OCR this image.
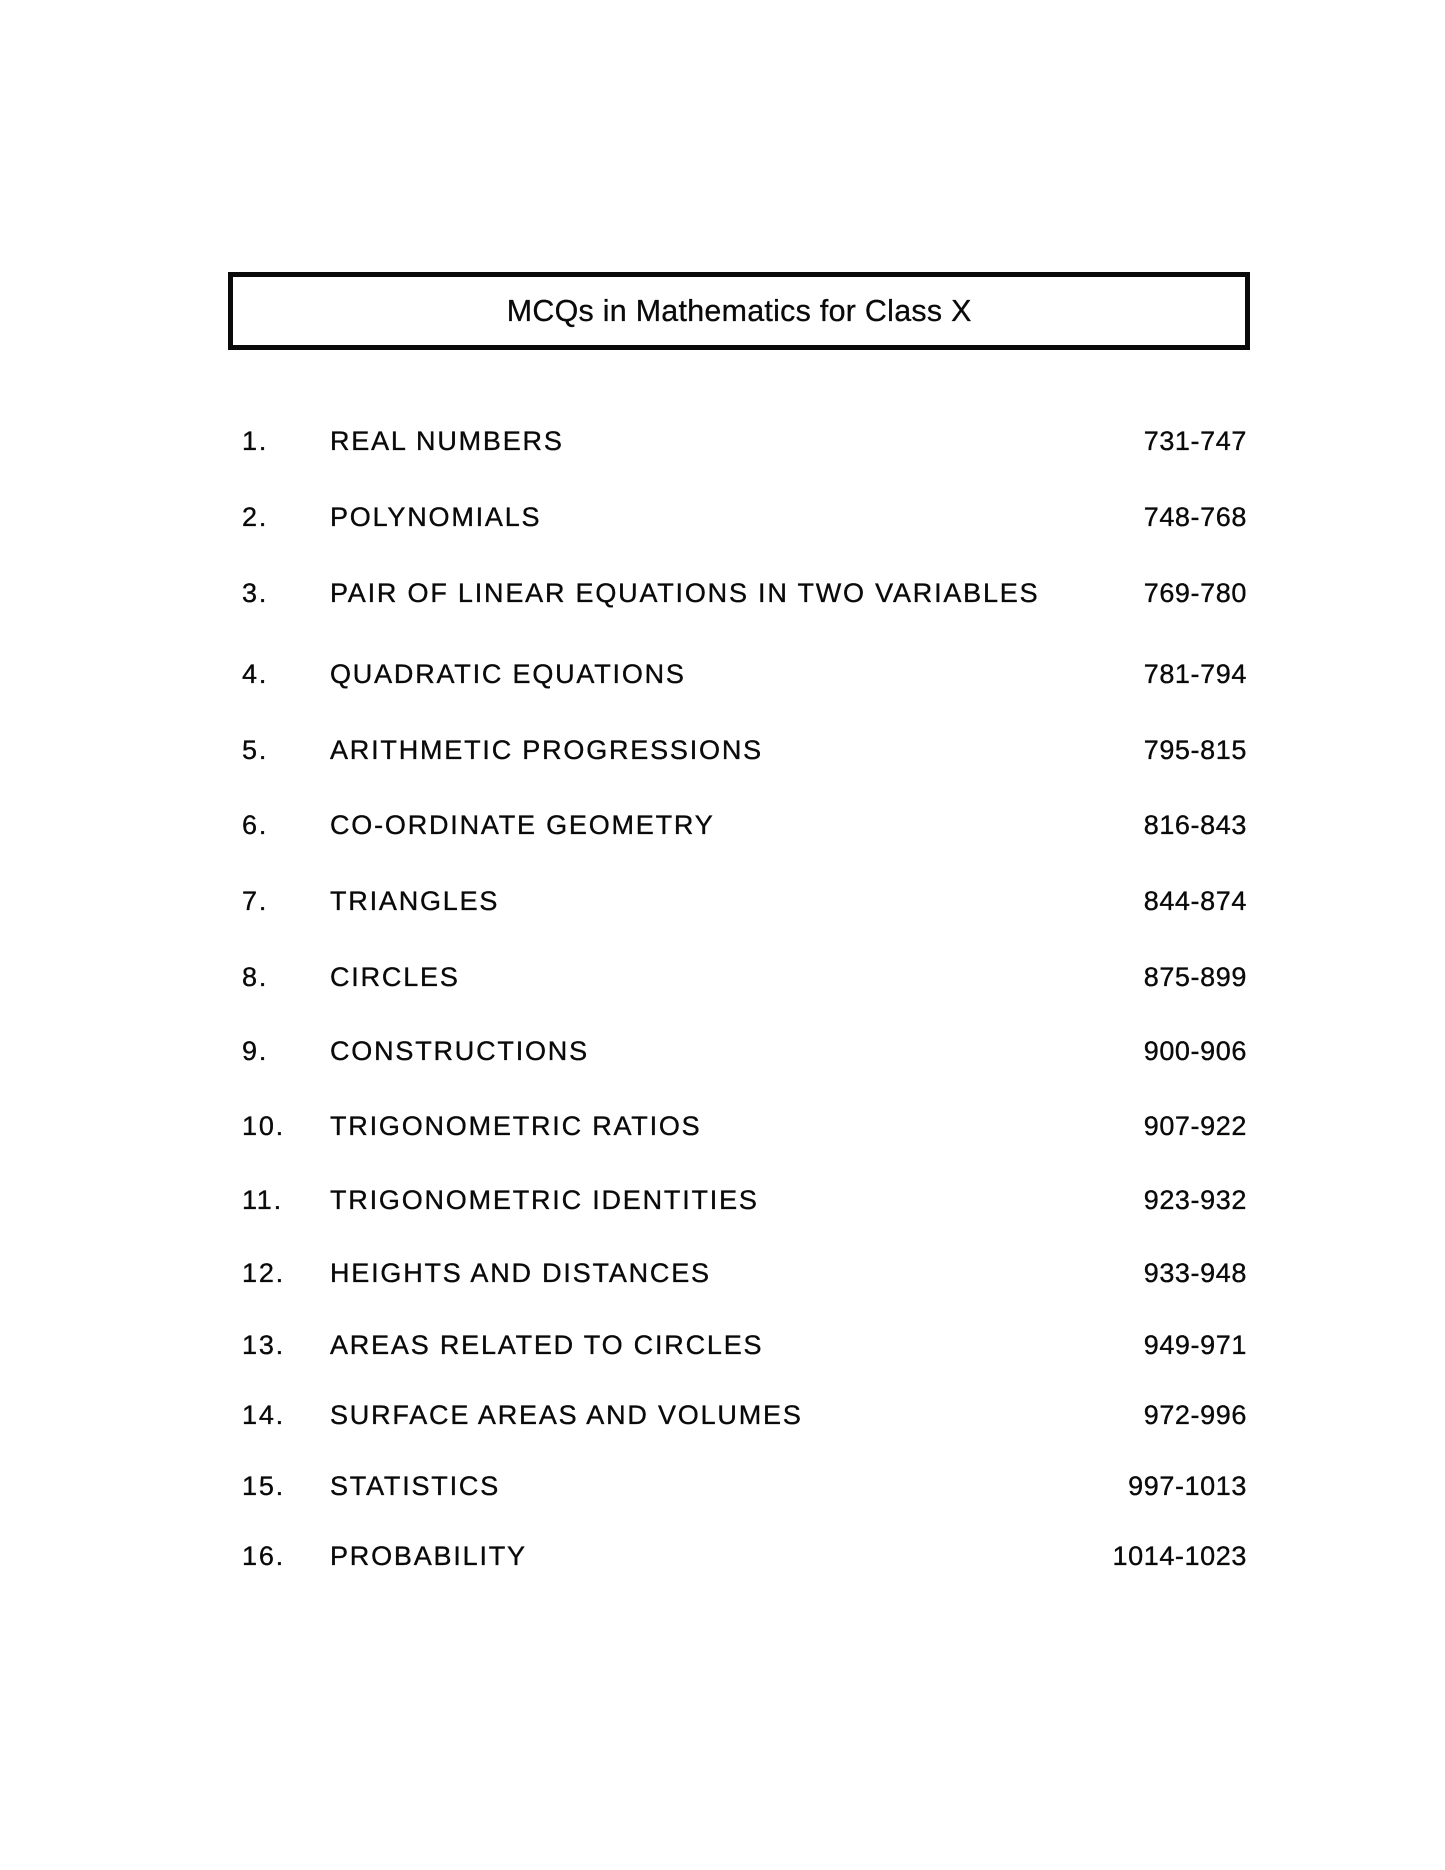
MCQs in Mathematics for Class X
1. REAL NUMBERS	731-747
2. POLYNOMIALS	748-768
3. PAIR OF LINEAR EQUATIONS IN TWO VARIABLES	769-780
4. QUADRATIC EQUATIONS	781-794
5. ARITHMETIC PROGRESSIONS	795-815
6. CO-ORDINATE GEOMETRY	816-843
7. TRIANGLES	844-874
8. CIRCLES	875-899
9. CONSTRUCTIONS	900-906
10. TRIGONOMETRIC RATIOS	907-922
11. TRIGONOMETRIC IDENTITIES	923-932
12. HEIGHTS AND DISTANCES	933-948
13. AREAS RELATED TO CIRCLES	949-971
14. SURFACE AREAS AND VOLUMES	972-996
15. STATISTICS	997-1013
16. PROBABILITY	1014-1023
